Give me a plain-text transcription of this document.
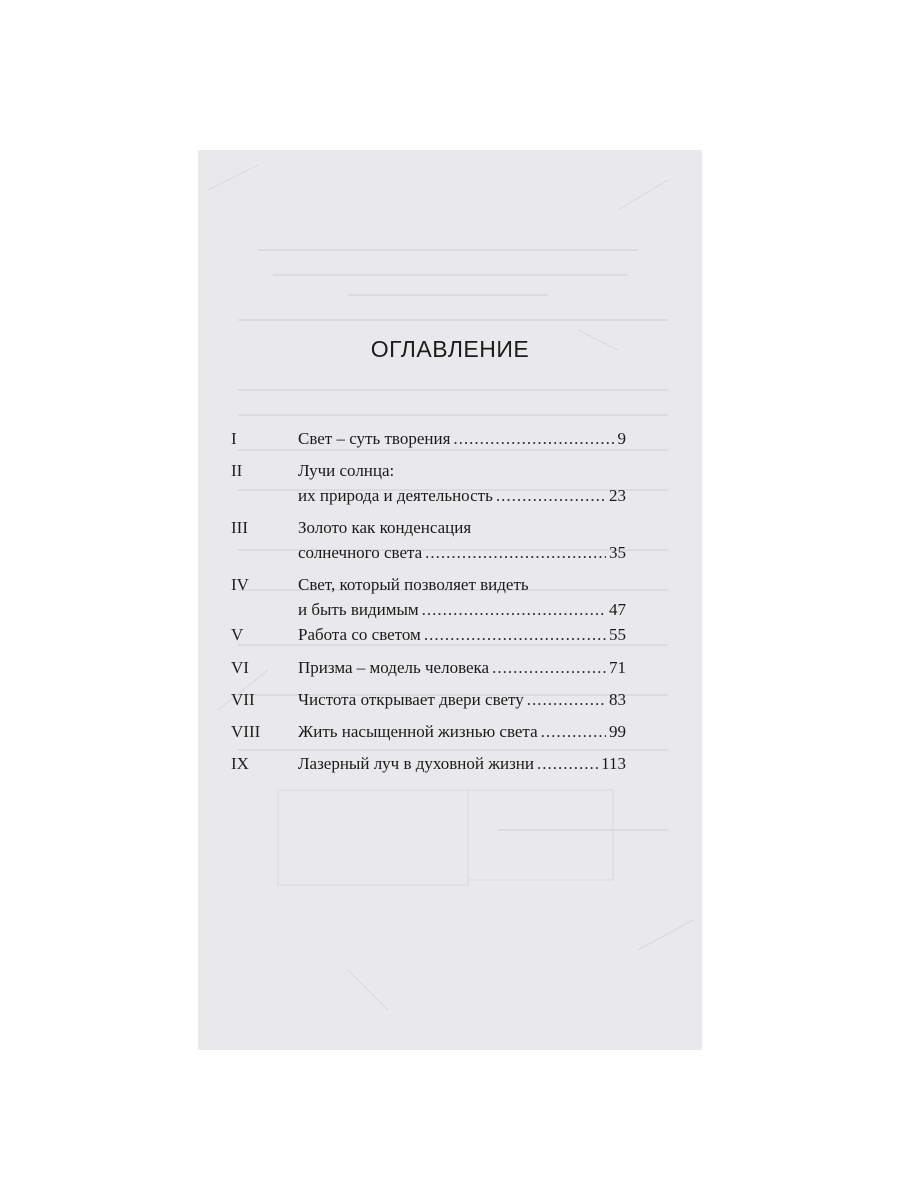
ОГЛАВЛЕНИЕ
I	Свет – суть творения .....	9
II	Лучи солнца:
их природа и деятельность .....	23
III	Золото как конденсация
солнечного света .....	35
IV	Свет, который позволяет видеть
и быть видимым .....	47
V	Работа со светом .....	55
VI	Призма – модель человека .....	71
VII	Чистота открывает двери свету .....	83
VIII Жить насыщенной жизнью света .....	99
IX	Лазерный луч в духовной жизни .....	113
